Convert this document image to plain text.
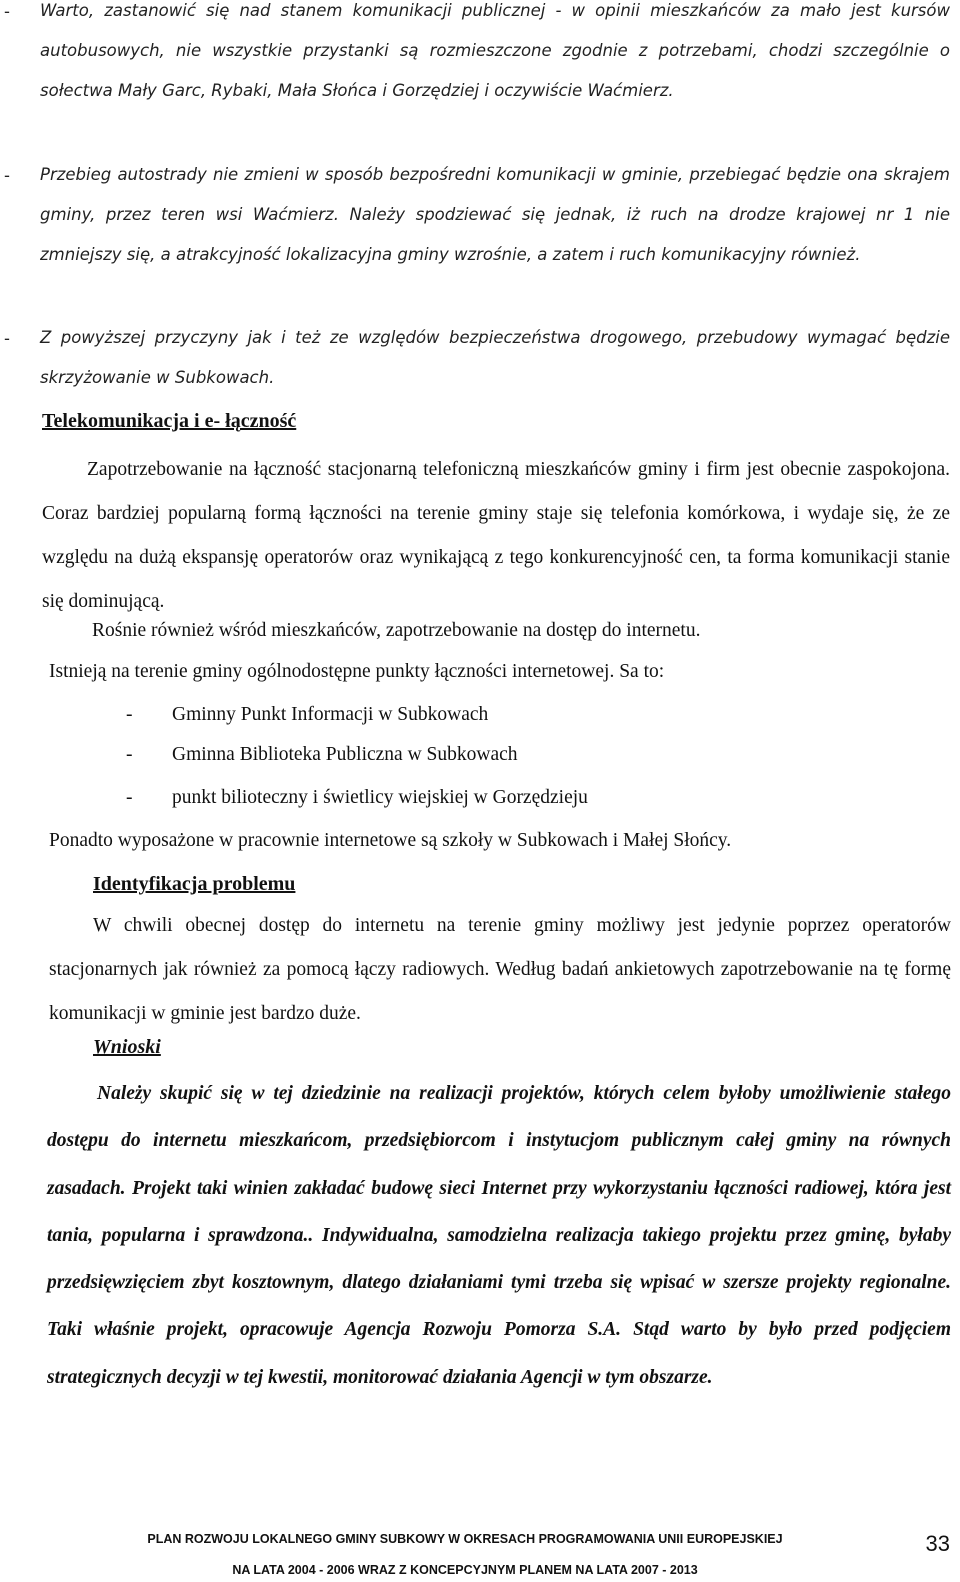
- Warto, zastanowić się nad stanem komunikacji publicznej - w opinii mieszkańców za mało jest kursów autobusowych, nie wszystkie przystanki są rozmieszczone zgodnie z potrzebami, chodzi szczególnie o sołectwa Mały Garc, Rybaki, Mała Słońca i Gorzędziej i oczywiście Waćmierz.
- Przebieg autostrady nie zmieni w sposób bezpośredni komunikacji w gminie, przebiegać będzie ona skrajem gminy, przez teren wsi Waćmierz. Należy spodziewać się jednak, iż ruch na drodze krajowej nr 1 nie zmniejszy się, a atrakcyjność lokalizacyjna gminy wzrośnie, a zatem i ruch komunikacyjny również.
- Z powyższej przyczyny jak i też ze względów bezpieczeństwa drogowego, przebudowy wymagać będzie skrzyżowanie w Subkowach.
Telekomunikacja i e- łączność
Zapotrzebowanie na łączność stacjonarną telefoniczną mieszkańców gminy i firm jest obecnie zaspokojona. Coraz bardziej popularną formą łączności na terenie gminy staje się telefonia komórkowa, i wydaje się, że ze względu na dużą ekspansję operatorów oraz wynikającą z tego konkurencyjność cen, ta forma komunikacji stanie się dominującą.
Rośnie również wśród mieszkańców, zapotrzebowanie na dostęp do internetu.
Istnieją na terenie gminy ogólnodostępne punkty łączności internetowej. Sa to:
- Gminny Punkt Informacji w Subkowach
- Gminna Biblioteka Publiczna w Subkowach
- punkt bilioteczny i świetlicy wiejskiej w Gorzędzieju
Ponadto wyposażone w pracownie internetowe są szkoły w Subkowach i Małej Słońcy.
Identyfikacja problemu
W chwili obecnej dostęp do internetu na terenie gminy możliwy jest jedynie poprzez operatorów stacjonarnych jak również za pomocą łączy radiowych. Według badań ankietowych zapotrzebowanie na tę formę komunikacji w gminie jest bardzo duże.
Wnioski
Należy skupić się w tej dziedzinie na realizacji projektów, których celem byłoby umożliwienie stałego dostępu do internetu mieszkańcom, przedsiębiorcom i instytucjom publicznym całej gminy na równych zasadach. Projekt taki winien zakładać budowę sieci Internet przy wykorzystaniu łączności radiowej, która jest tania, popularna i sprawdzona.. Indywidualna, samodzielna realizacja takiego projektu przez gminę, byłaby przedsięwzięciem zbyt kosztownym, dlatego działaniami tymi trzeba się wpisać w szersze projekty regionalne. Taki właśnie projekt, opracowuje Agencja Rozwoju Pomorza S.A. Stąd warto by było przed podjęciem strategicznych decyzji w tej kwestii, monitorować działania Agencji w tym obszarze.
PLAN ROZWOJU LOKALNEGO GMINY SUBKOWY W OKRESACH PROGRAMOWANIA UNII EUROPEJSKIEJ
NA LATA 2004 - 2006 WRAZ Z KONCEPCYJNYM PLANEM NA LATA 2007 - 2013
33
